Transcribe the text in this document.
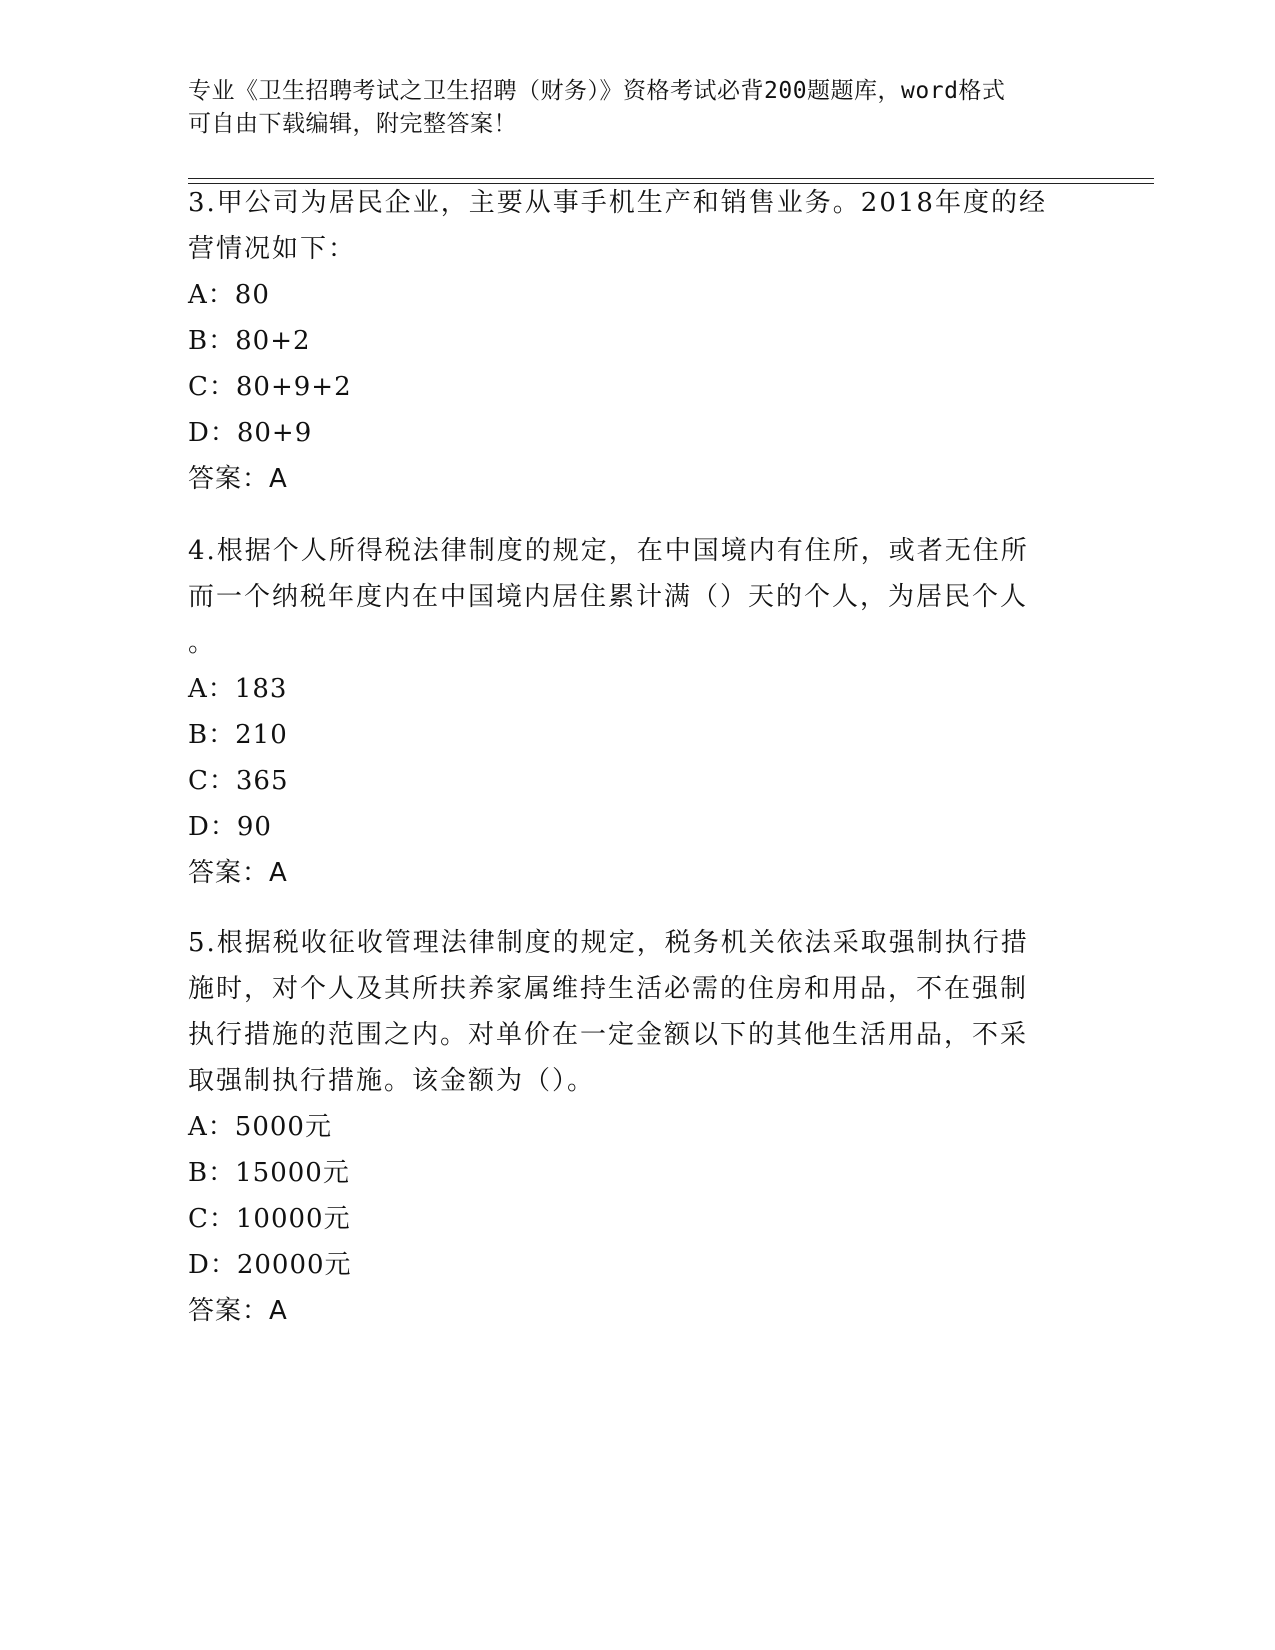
专业《卫生招聘考试之卫生招聘（财务）》资格考试必背200题题库，word格式
可自由下载编辑，附完整答案！

3.甲公司为居民企业，主要从事手机生产和销售业务。2018年度的经

营情况如下：

A：80

B：80+2

C：80+9+2

D：80+9

答案：A

4.根据个人所得税法律制度的规定，在中国境内有住所，或者无住所

而一个纳税年度内在中国境内居住累计满（）天的个人，为居民个人

。

A：183

B：210

C：365

D：90

答案：A

5.根据税收征收管理法律制度的规定，税务机关依法采取强制执行措

施时，对个人及其所扶养家属维持生活必需的住房和用品，不在强制

执行措施的范围之内。对单价在一定金额以下的其他生活用品，不采

取强制执行措施。该金额为（）。

A：5000元

B：15000元

C：10000元

D：20000元

答案：A
